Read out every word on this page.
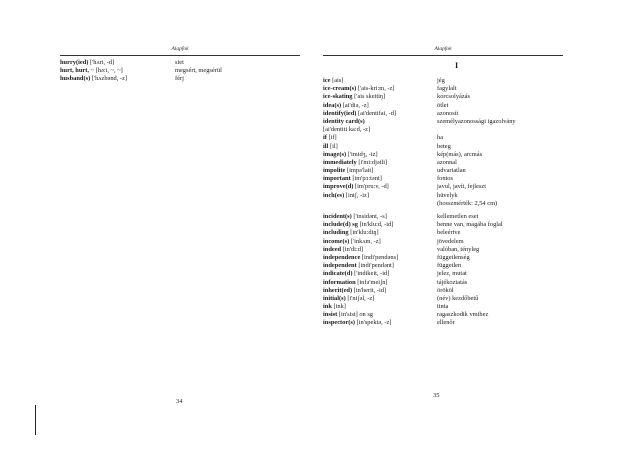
Alapfok
hurry(ied) ['hʌri, -d]	siet
hurt, hurt, ~ [hə:t, ~, ~]	megsért, megsérül
husband(s) ['hʌzbənd, -z]	férj
34
Alapfok
I
ice [ais]	jég
ice-cream(s) ['ais-kri:m, -z]	fagylalt
ice-skating ['ais skeitiŋ]	korcsolyázás
idea(s) [ai'diə, -z]	ötlet
identify(ied) [ai'dentifai, -d]	azonosít
identity card(s)	személyazonossági igazolvány
[ai'dentiti ka:d, -z]
if [if]	ha
ill [il]	beteg
image(s) ['imidʒ, -iz]	kép(más), arcmás
immediately [i'mi:djətli]	azonnal
impolite [impə'lait]	udvariatlan
important [im'pɔ:tənt]	fontos
improve(d) [im'pru:v, -d]	javul, javít, fejleszt
inch(es) [intʃ, -iz]	hüvelyk
(hosszmérték: 2,54 cm)
incident(s) ['insidənt, -s]	kellemetlen eset
include(d) sg [in'klu:d, -id]	benne van, magába foglal
including [in'klu:diŋ]	beleértve
income(s) ['inkʌm, -z]	jövedelem
indeed [in'di:d]	valóban, tényleg
independence [indi'pendəns]	függetlenség
independent [indi'pendənt]	független
indicate(d) ['indikeit, -id]	jelez, mutat
information [infə'meiʃn]	tájékoztatás
inherit(ed) [in'herit, -id]	örököl
initial(s) [i'niʃəl, -z]	(név) kezdőbetű
ink [ink]	tinta
insist [in'sist] on sg	ragaszkodik vmihez
inspector(s) [in'spektə, -z]	ellenőr
35
